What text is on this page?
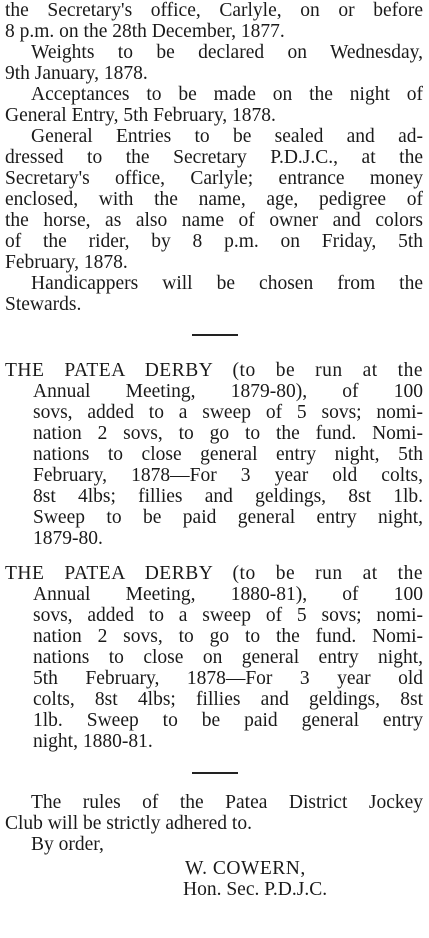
the Secretary's office, Carlyle, on or before
8 p.m. on the 28th December, 1877.
Weights to be declared on Wednesday,
9th January, 1878.
Acceptances to be made on the night of
General Entry, 5th February, 1878.
General Entries to be sealed and ad-
dressed to the Secretary P.D.J.C., at the
Secretary's office, Carlyle; entrance money
enclosed, with the name, age, pedigree of
the horse, as also name of owner and colors
of the rider, by 8 p.m. on Friday, 5th
February, 1878.
Handicappers will be chosen from the
Stewards.
THE PATEA DERBY (to be run at the
Annual Meeting, 1879-80), of 100
sovs, added to a sweep of 5 sovs; nomi-
nation 2 sovs, to go to the fund. Nomi-
nations to close general entry night, 5th
February, 1878—For 3 year old colts,
8st 4lbs; fillies and geldings, 8st 1lb.
Sweep to be paid general entry night,
1879-80.
THE PATEA DERBY (to be run at the
Annual Meeting, 1880-81), of 100
sovs, added to a sweep of 5 sovs; nomi-
nation 2 sovs, to go to the fund. Nomi-
nations to close on general entry night,
5th February, 1878—For 3 year old
colts, 8st 4lbs; fillies and geldings, 8st
1lb. Sweep to be paid general entry
night, 1880-81.
The rules of the Patea District Jockey
Club will be strictly adhered to.
By order,
W. COWERN,
Hon. Sec. P.D.J.C.
